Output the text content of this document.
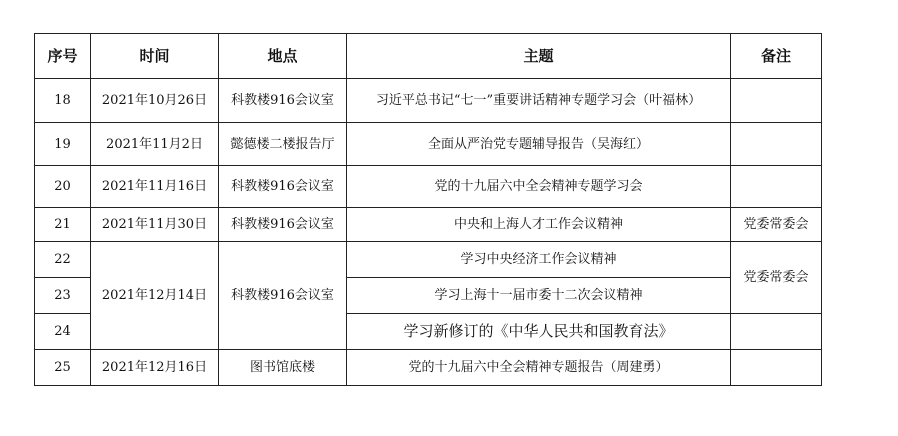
序号	时间	地点	主题	备注
18	2021年10月26日	科教楼916会议室	习近平总书记“七一”重要讲话精神专题学习会（叶福林）	
19	2021年11月2日	懿德楼二楼报告厅	全面从严治党专题辅导报告（吴海红）	
20	2021年11月16日	科教楼916会议室	党的十九届六中全会精神专题学习会	
21	2021年11月30日	科教楼916会议室	中央和上海人才工作会议精神	党委常委会
22	2021年12月14日	科教楼916会议室	学习中央经济工作会议精神	党委常委会
23			学习上海十一届市委十二次会议精神	
24			学习新修订的《中华人民共和国教育法》	
25	2021年12月16日	图书馆底楼	党的十九届六中全会精神专题报告（周建勇）	
